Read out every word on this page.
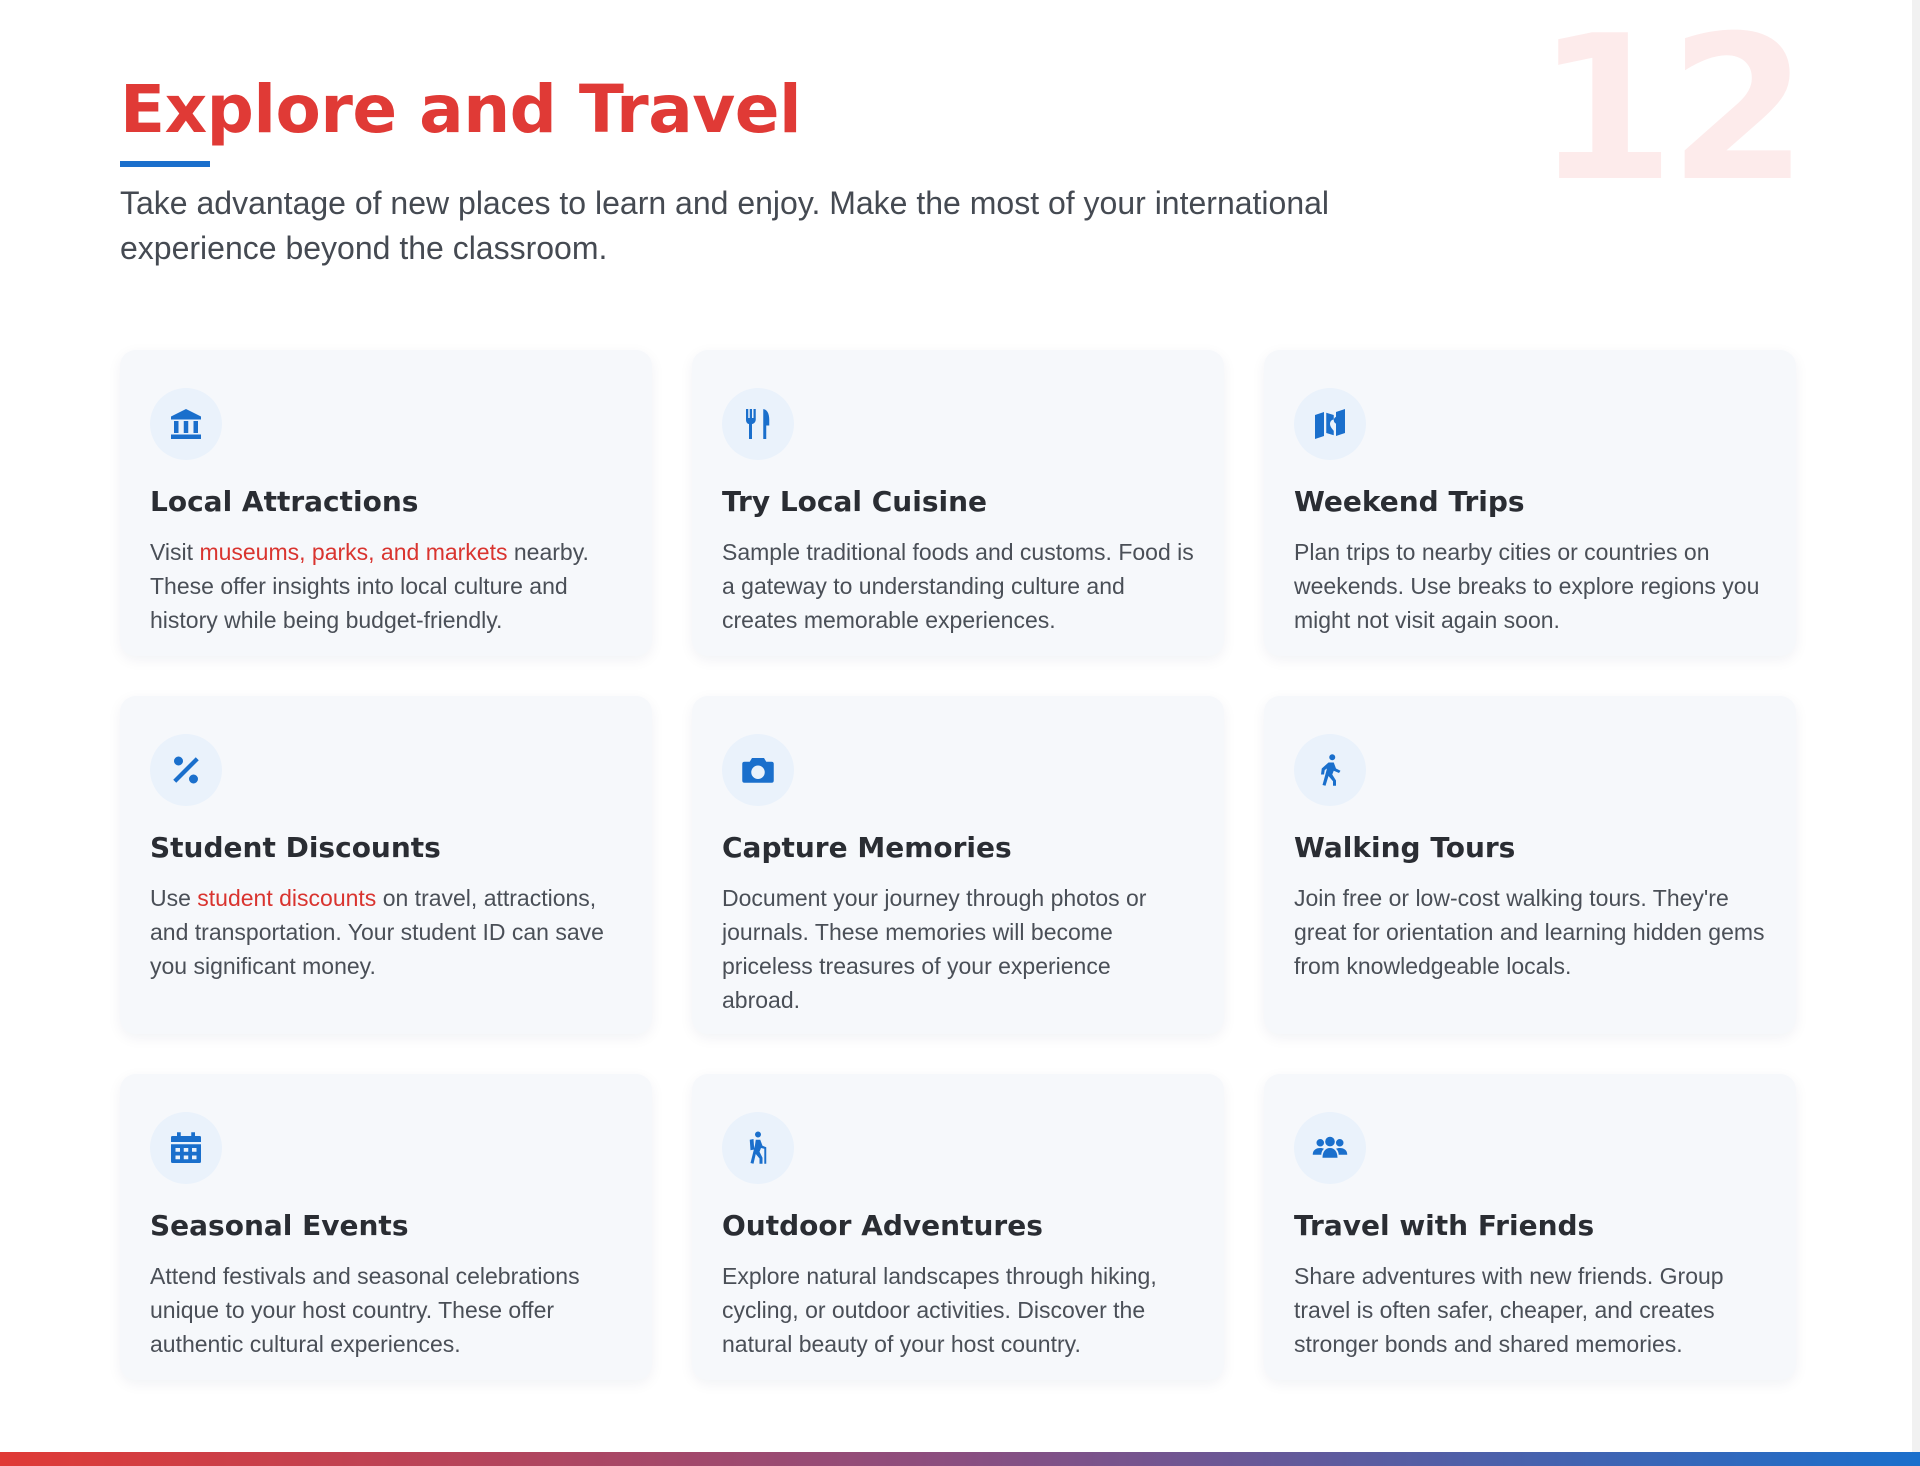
12
Explore and Travel

Take advantage of new places to learn and enjoy. Make the most of your international experience beyond the classroom.

Local Attractions

Visit museums, parks, and markets nearby. These offer insights into local culture and history while being budget-friendly.

Try Local Cuisine

Sample traditional foods and customs. Food is a gateway to understanding culture and creates memorable experiences.

Weekend Trips

Plan trips to nearby cities or countries on weekends. Use breaks to explore regions you might not visit again soon.

Student Discounts

Use student discounts on travel, attractions, and transportation. Your student ID can save you significant money.

Capture Memories

Document your journey through photos or journals. These memories will become priceless treasures of your experience abroad.

Walking Tours

Join free or low-cost walking tours. They're great for orientation and learning hidden gems from knowledgeable locals.

Seasonal Events

Attend festivals and seasonal celebrations unique to your host country. These offer authentic cultural experiences.

Outdoor Adventures

Explore natural landscapes through hiking, cycling, or outdoor activities. Discover the natural beauty of your host country.

Travel with Friends

Share adventures with new friends. Group travel is often safer, cheaper, and creates stronger bonds and shared memories.
